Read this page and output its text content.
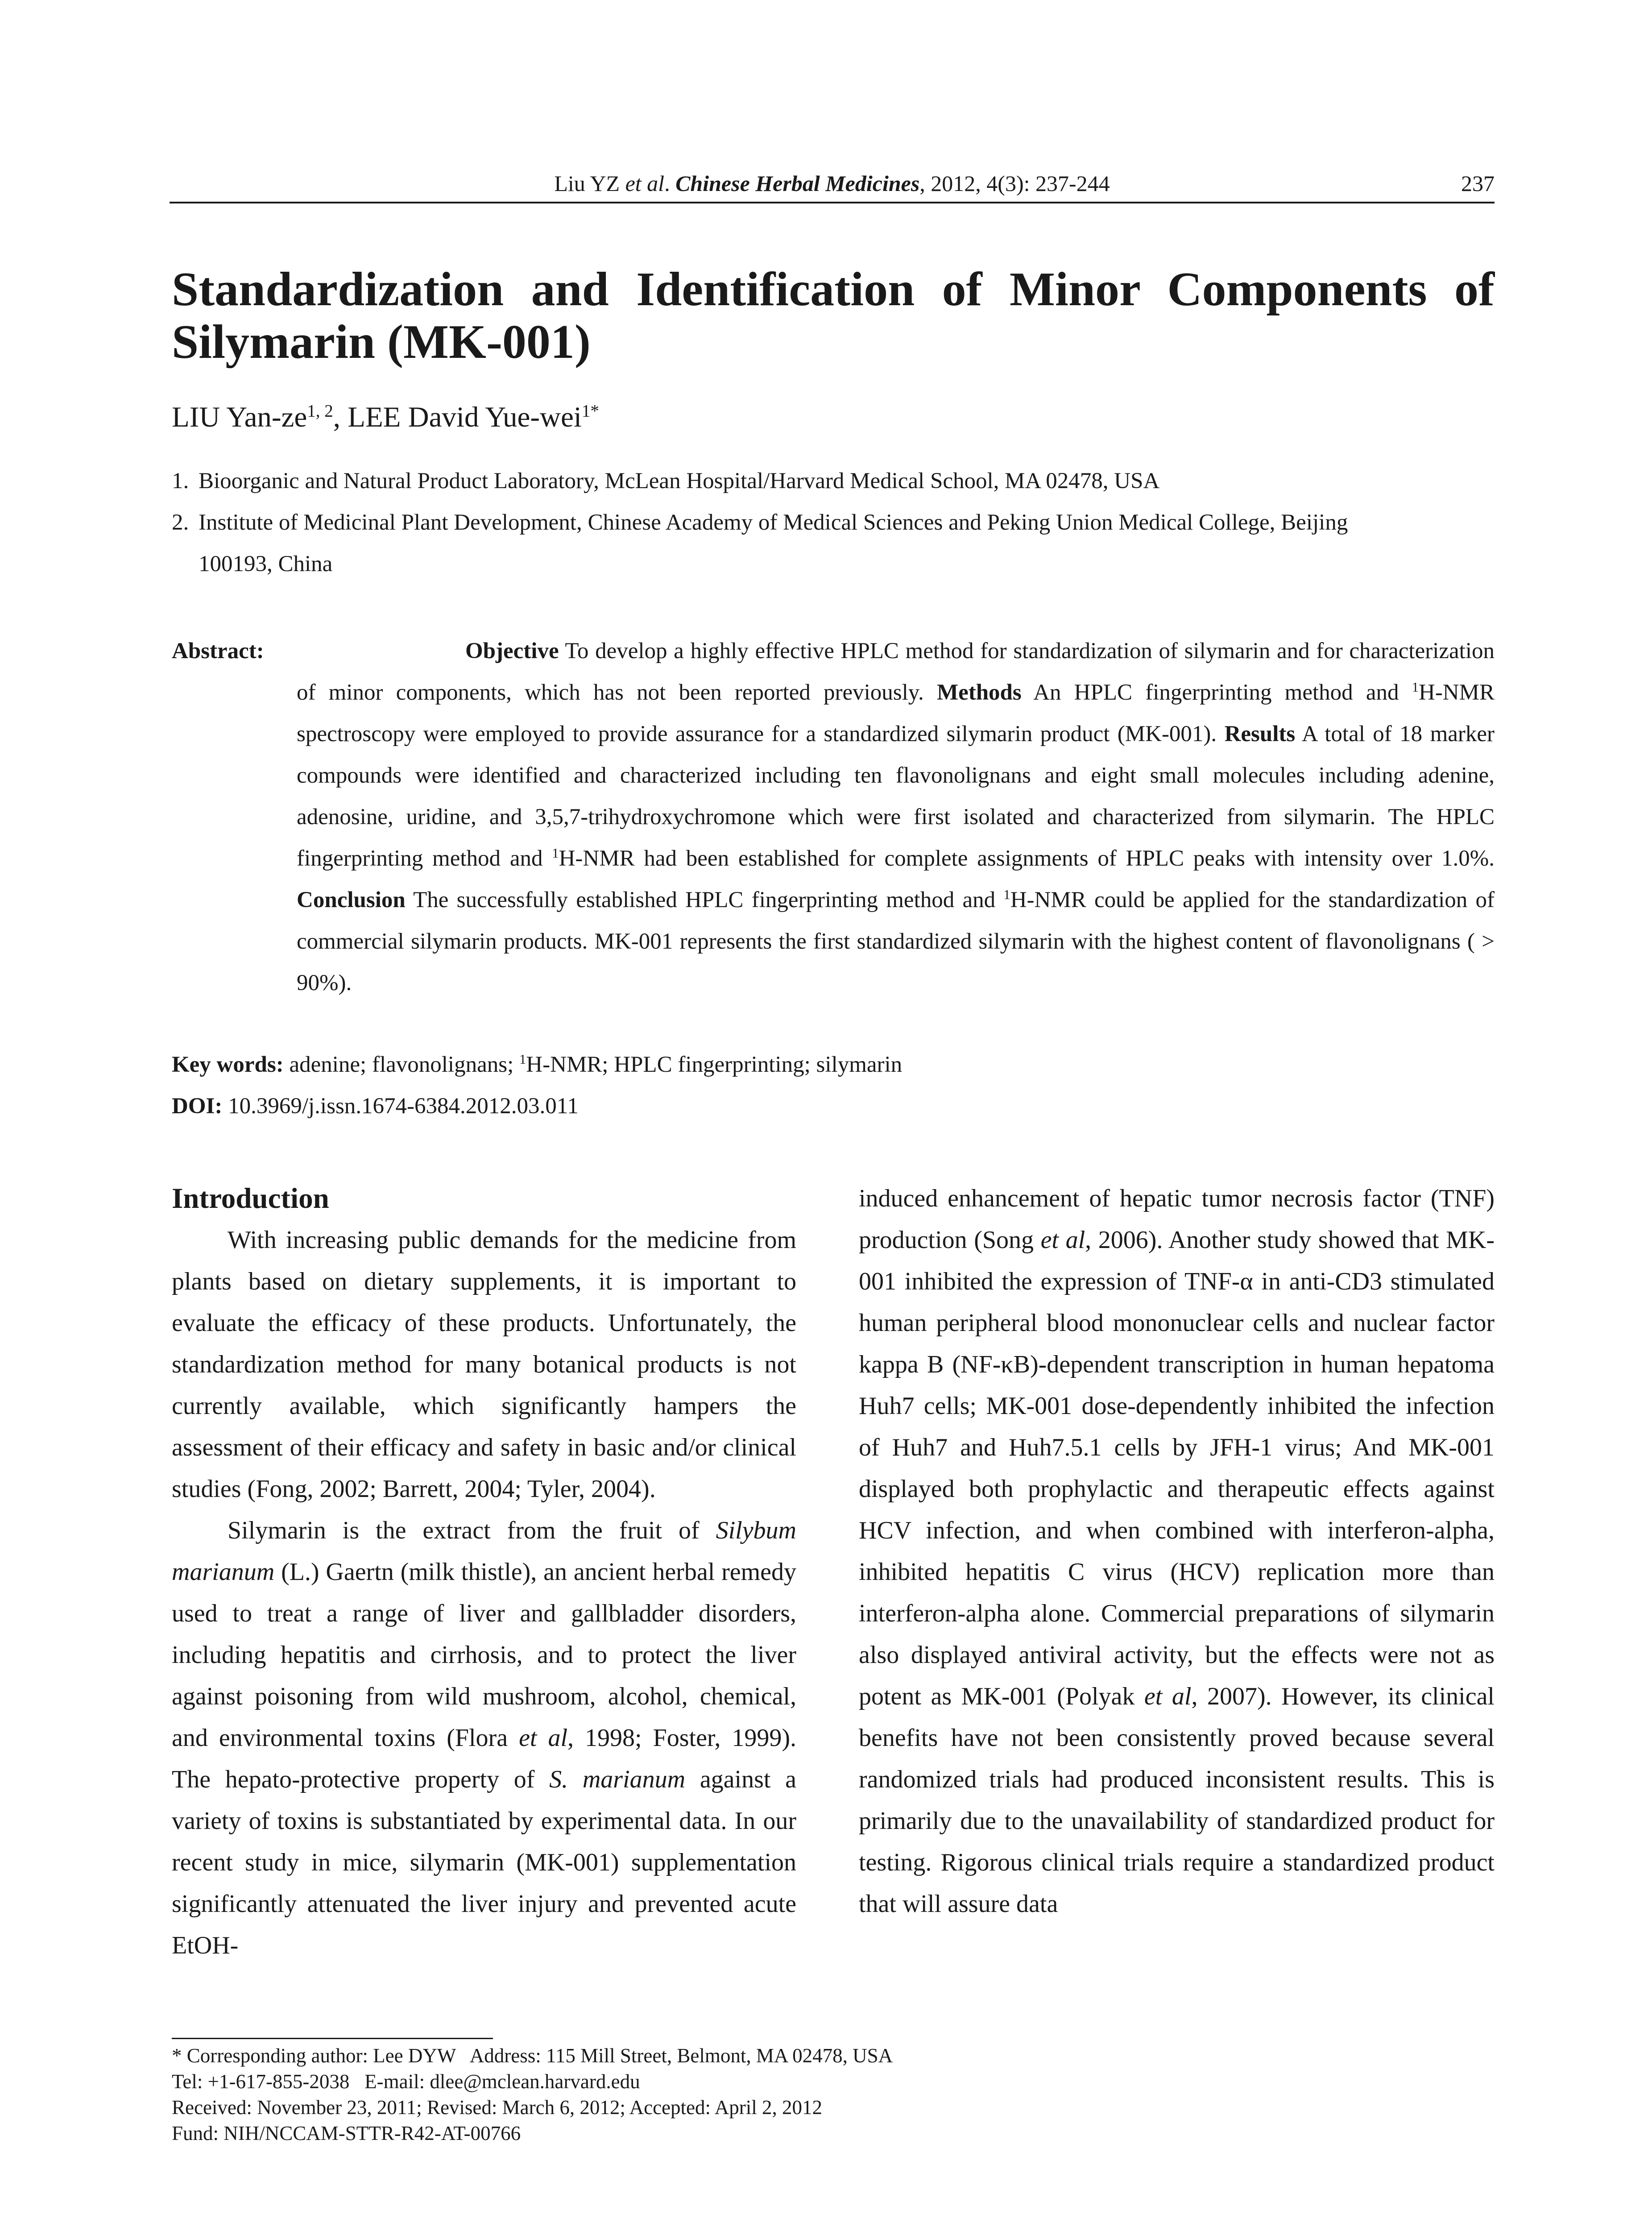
Liu YZ et al. Chinese Herbal Medicines, 2012, 4(3): 237-244	237
Standardization and Identification of Minor Components of Silymarin (MK-001)
LIU Yan-ze$^{1, 2}$, LEE David Yue-wei$^{1*}$
1. Bioorganic and Natural Product Laboratory, McLean Hospital/Harvard Medical School, MA 02478, USA
2. Institute of Medicinal Plant Development, Chinese Academy of Medical Sciences and Peking Union Medical College, Beijing
100193, China
Abstract:	Objective To develop a highly effective HPLC method for standardization of silymarin and for characterization of minor components, which has not been reported previously. Methods An HPLC fingerprinting method and $^1$H-NMR spectroscopy were employed to provide assurance for a standardized silymarin product (MK-001). Results A total of 18 marker compounds were identified and characterized including ten flavonolignans and eight small molecules including adenine, adenosine, uridine, and 3,5,7-trihydroxychromone which were first isolated and characterized from silymarin. The HPLC fingerprinting method and $^1$H-NMR had been established for complete assignments of HPLC peaks with intensity over 1.0%. Conclusion The successfully established HPLC fingerprinting method and $^1$H-NMR could be applied for the standardization of commercial silymarin products. MK-001 represents the first standardized silymarin with the highest content of flavonolignans ( > 90%).
Key words: adenine; flavonolignans; $^1$H-NMR; HPLC fingerprinting; silymarin
DOI: 10.3969/j.issn.1674-6384.2012.03.011
Introduction

With increasing public demands for the medicine from plants based on dietary supplements, it is important to evaluate the efficacy of these products. Unfortunately, the standardization method for many botanical products is not currently available, which significantly hampers the assessment of their efficacy and safety in basic and/or clinical studies (Fong, 2002; Barrett, 2004; Tyler, 2004).

Silymarin is the extract from the fruit of Silybum marianum (L.) Gaertn (milk thistle), an ancient herbal remedy used to treat a range of liver and gallbladder disorders, including hepatitis and cirrhosis, and to protect the liver against poisoning from wild mushroom, alcohol, chemical, and environmental toxins (Flora et al, 1998; Foster, 1999). The hepato-protective property of S. marianum against a variety of toxins is substantiated by experimental data. In our recent study in mice, silymarin (MK-001) supplementation significantly attenuated the liver injury and prevented acute EtOH-

induced enhancement of hepatic tumor necrosis factor (TNF) production (Song et al, 2006). Another study showed that MK-001 inhibited the expression of TNF-α in anti-CD3 stimulated human peripheral blood mononuclear cells and nuclear factor kappa B (NF-κB)-dependent transcription in human hepatoma Huh7 cells; MK-001 dose-dependently inhibited the infection of Huh7 and Huh7.5.1 cells by JFH-1 virus; And MK-001 displayed both prophylactic and therapeutic effects against HCV infection, and when combined with interferon-alpha, inhibited hepatitis C virus (HCV) replication more than interferon-alpha alone. Commercial preparations of silymarin also displayed antiviral activity, but the effects were not as potent as MK-001 (Polyak et al, 2007). However, its clinical benefits have not been consistently proved because several randomized trials had produced inconsistent results. This is primarily due to the unavailability of standardized product for testing. Rigorous clinical trials require a standardized product that will assure data

* Corresponding author: Lee DYW   Address: 115 Mill Street, Belmont, MA 02478, USA
Tel: +1-617-855-2038   E-mail: dlee@mclean.harvard.edu
Received: November 23, 2011; Revised: March 6, 2012; Accepted: April 2, 2012
Fund: NIH/NCCAM-STTR-R42-AT-00766
